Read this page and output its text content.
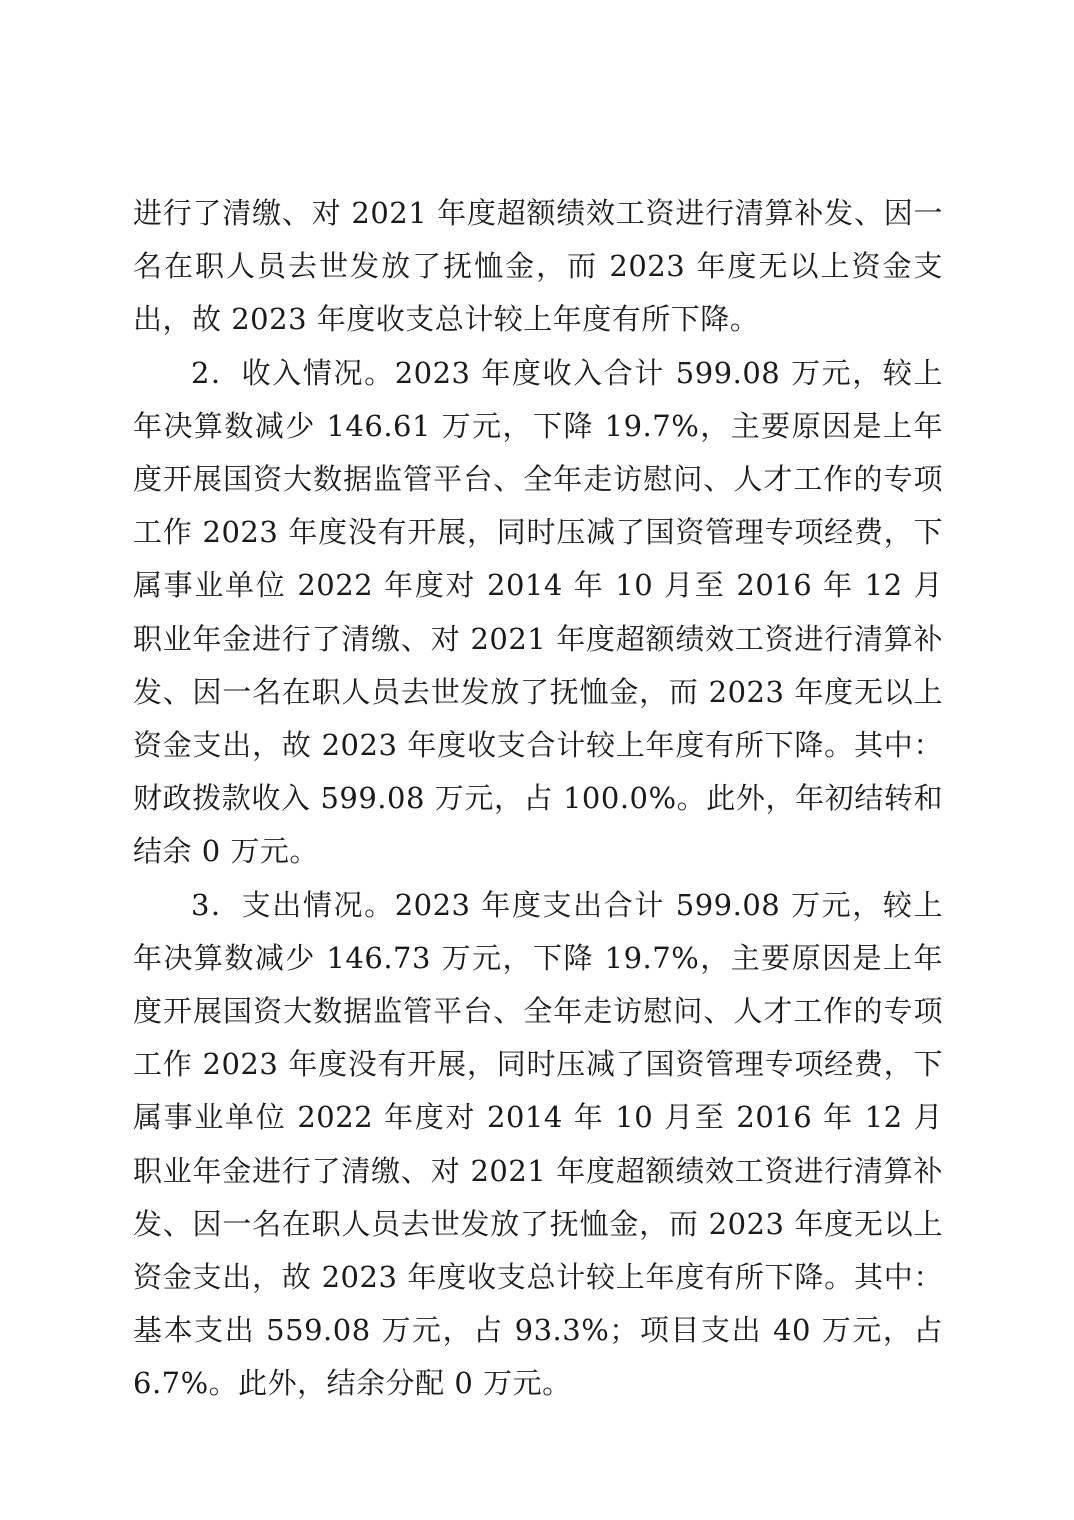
进行了清缴、对 2021 年度超额绩效工资进行清算补发、因一名在职人员去世发放了抚恤金，而 2023 年度无以上资金支出，故 2023 年度收支总计较上年度有所下降。

2．收入情况。2023 年度收入合计 599.08 万元，较上年决算数减少 146.61 万元，下降 19.7%，主要原因是上年度开展国资大数据监管平台、全年走访慰问、人才工作的专项工作 2023 年度没有开展，同时压减了国资管理专项经费，下属事业单位 2022 年度对 2014 年 10 月至 2016 年 12 月职业年金进行了清缴、对 2021 年度超额绩效工资进行清算补发、因一名在职人员去世发放了抚恤金，而 2023 年度无以上资金支出，故 2023 年度收支合计较上年度有所下降。其中：财政拨款收入 599.08 万元，占 100.0%。此外，年初结转和结余 0 万元。

3．支出情况。2023 年度支出合计 599.08 万元，较上年决算数减少 146.73 万元，下降 19.7%，主要原因是上年度开展国资大数据监管平台、全年走访慰问、人才工作的专项工作 2023 年度没有开展，同时压减了国资管理专项经费，下属事业单位 2022 年度对 2014 年 10 月至 2016 年 12 月职业年金进行了清缴、对 2021 年度超额绩效工资进行清算补发、因一名在职人员去世发放了抚恤金，而 2023 年度无以上资金支出，故 2023 年度收支总计较上年度有所下降。其中：基本支出 559.08 万元，占 93.3%；项目支出 40 万元，占 6.7%。此外，结余分配 0 万元。
